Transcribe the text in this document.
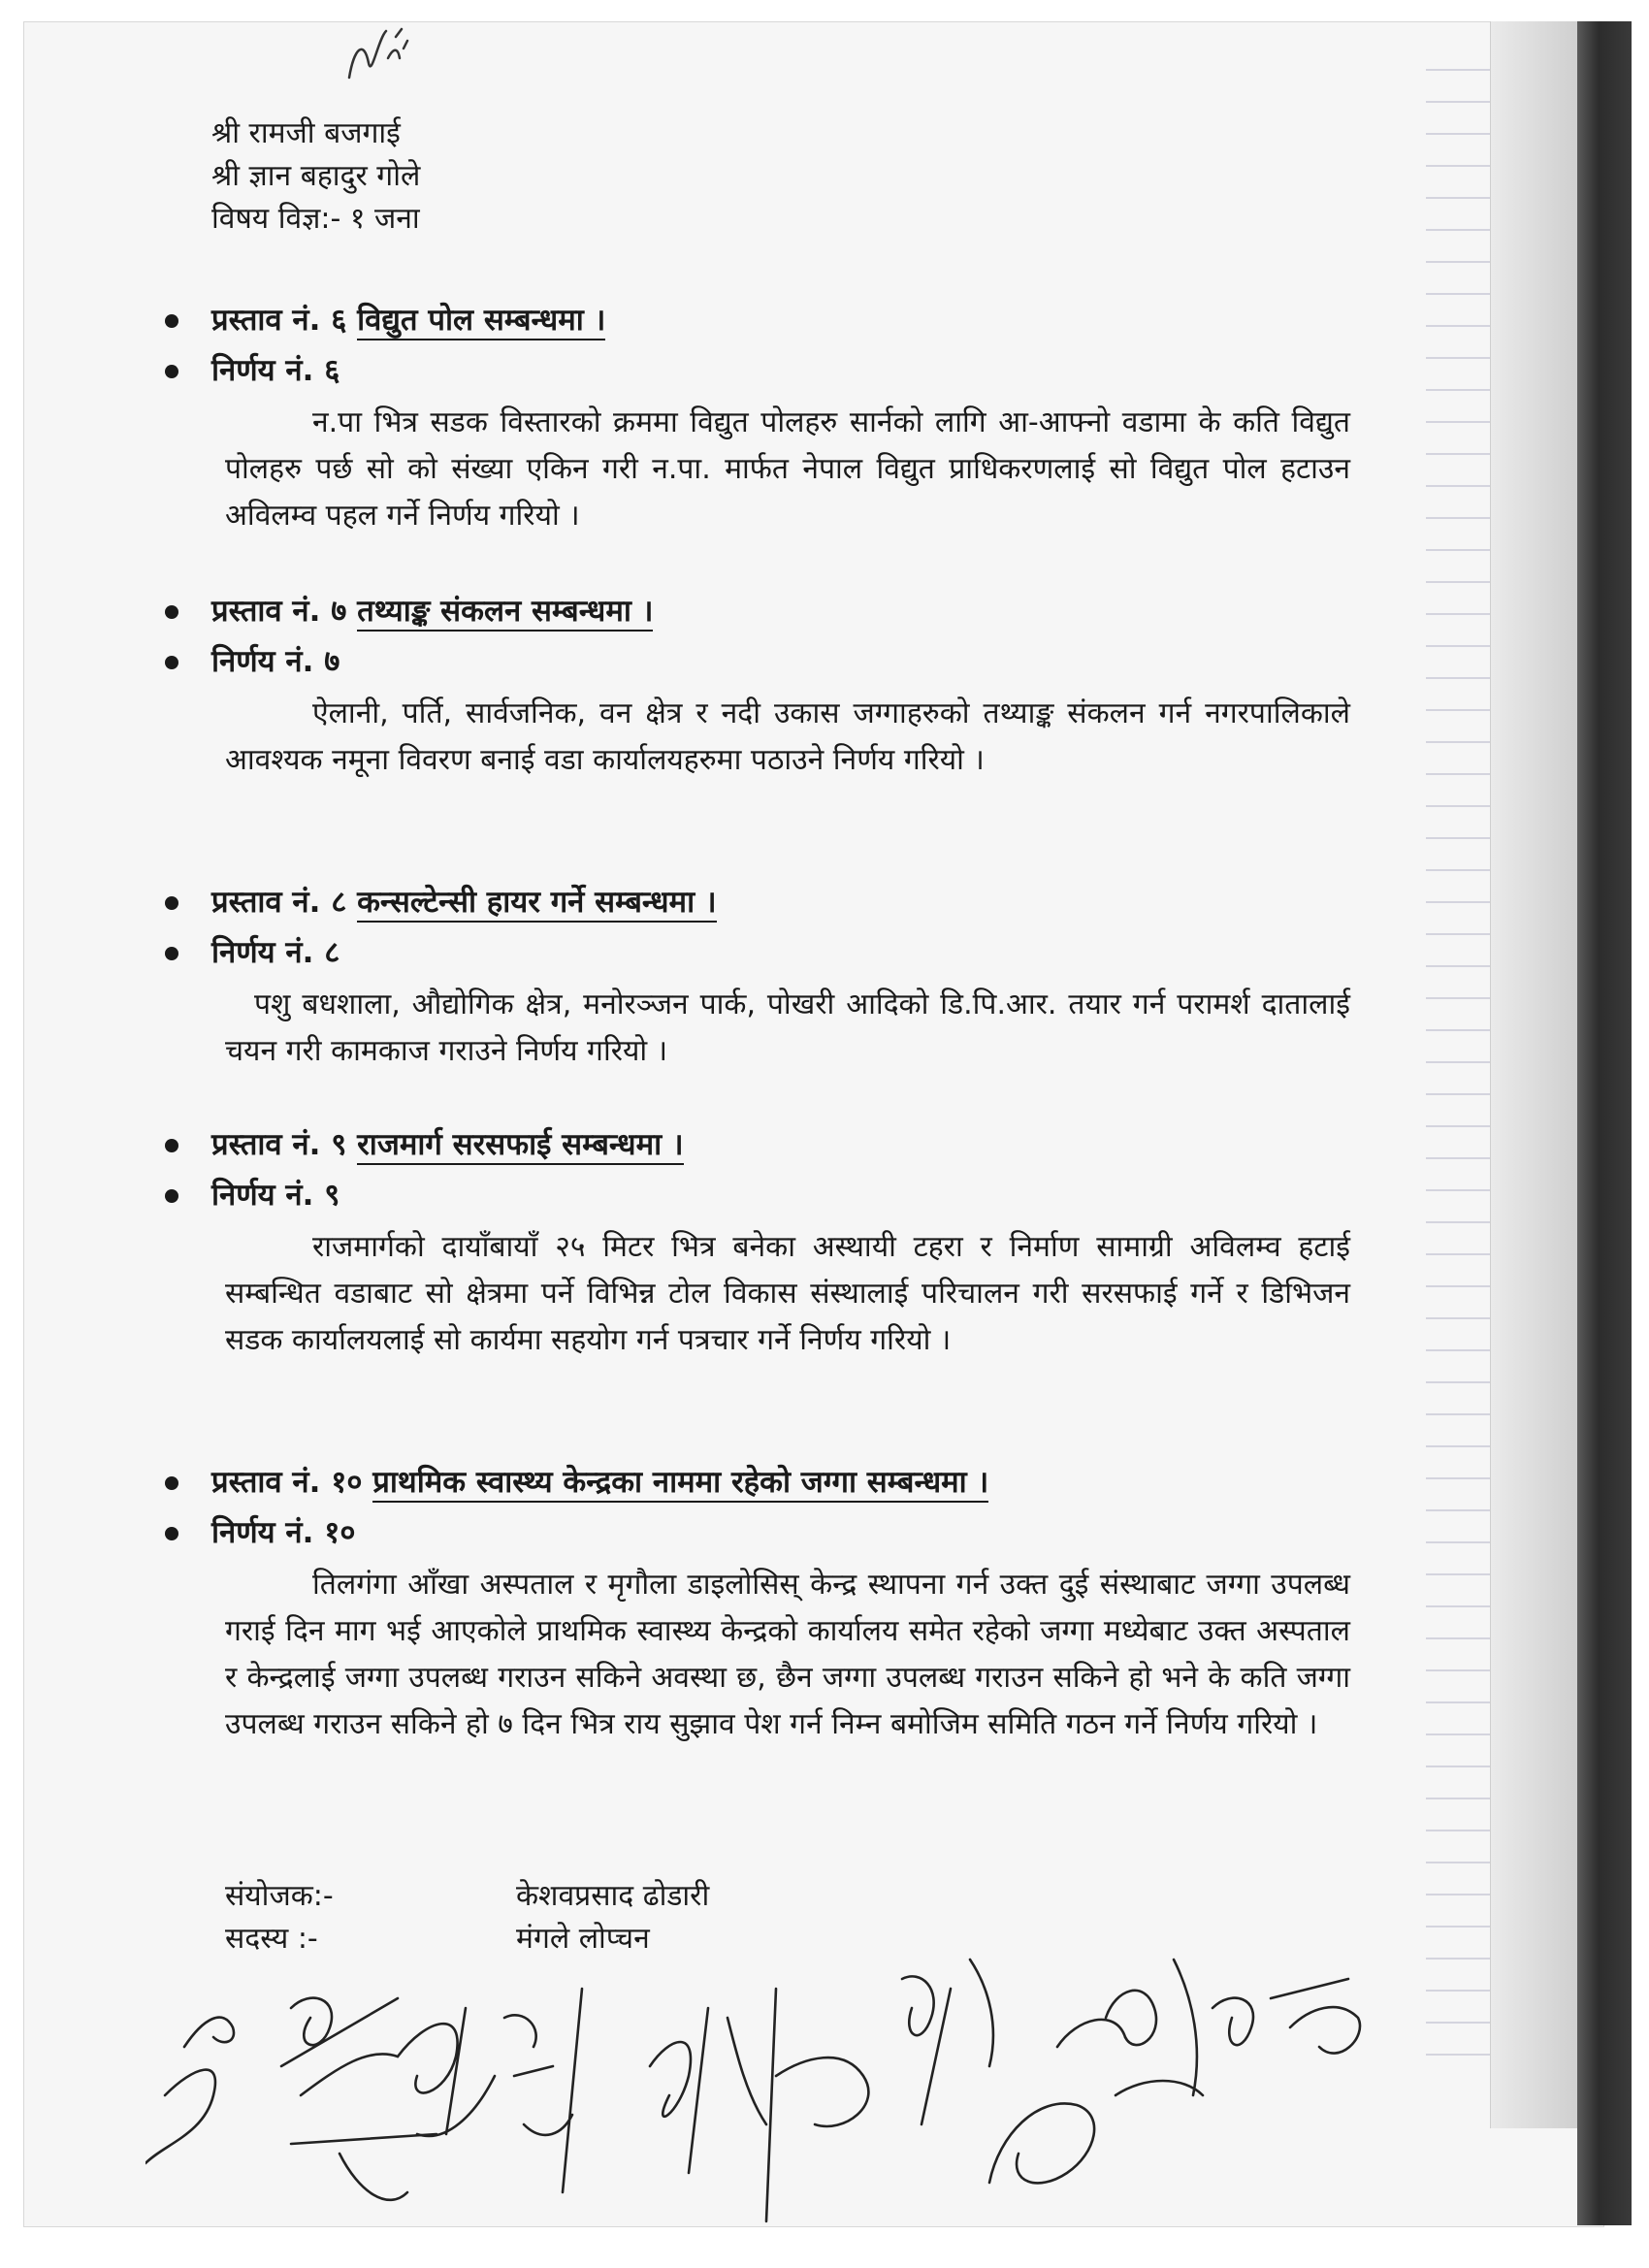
श्री रामजी बजगाई
श्री ज्ञान बहादुर गोले
विषय विज्ञ:- १ जना
प्रस्ताव नं. ६ विद्युत पोल सम्बन्धमा ।
निर्णय नं. ६
न.पा भित्र सडक विस्तारको क्रममा विद्युत पोलहरु सार्नको लागि आ-आफ्नो वडामा के कति विद्युत पोलहरु पर्छ सो को संख्या एकिन गरी न.पा. मार्फत नेपाल विद्युत प्राधिकरणलाई सो विद्युत पोल हटाउन अविलम्व पहल गर्ने निर्णय गरियो ।
प्रस्ताव नं. ७ तथ्याङ्क संकलन सम्बन्धमा ।
निर्णय नं. ७
ऐलानी, पर्ति, सार्वजनिक, वन क्षेत्र र नदी उकास जग्गाहरुको तथ्याङ्क संकलन गर्न नगरपालिकाले आवश्यक नमूना विवरण बनाई वडा कार्यालयहरुमा पठाउने निर्णय गरियो ।
प्रस्ताव नं. ८ कन्सल्टेन्सी हायर गर्ने सम्बन्धमा ।
निर्णय नं. ८
पशु बधशाला, औद्योगिक क्षेत्र, मनोरञ्जन पार्क, पोखरी आदिको डि.पि.आर. तयार गर्न परामर्श दातालाई चयन गरी कामकाज गराउने निर्णय गरियो ।
प्रस्ताव नं. ९ राजमार्ग सरसफाई सम्बन्धमा ।
निर्णय नं. ९
राजमार्गको दायाँबायाँ २५ मिटर भित्र बनेका अस्थायी टहरा र निर्माण सामाग्री अविलम्व हटाई सम्बन्धित वडाबाट सो क्षेत्रमा पर्ने विभिन्न टोल विकास संस्थालाई परिचालन गरी सरसफाई गर्ने र डिभिजन सडक कार्यालयलाई सो कार्यमा सहयोग गर्न पत्रचार गर्ने निर्णय गरियो ।
प्रस्ताव नं. १० प्राथमिक स्वास्थ्य केन्द्रका नाममा रहेको जग्गा सम्बन्धमा ।
निर्णय नं. १०
तिलगंगा आँखा अस्पताल र मृगौला डाइलोसिस् केन्द्र स्थापना गर्न उक्त दुई संस्थाबाट जग्गा उपलब्ध गराई दिन माग भई आएकोले प्राथमिक स्वास्थ्य केन्द्रको कार्यालय समेत रहेको जग्गा मध्येबाट उक्त अस्पताल र केन्द्रलाई जग्गा उपलब्ध गराउन सकिने अवस्था छ, छैन जग्गा उपलब्ध गराउन सकिने हो भने के कति जग्गा उपलब्ध गराउन सकिने हो ७ दिन भित्र राय सुझाव पेश गर्न निम्न बमोजिम समिति गठन गर्ने निर्णय गरियो ।
संयोजक:-	केशवप्रसाद ढोडारी
सदस्य :-	मंगले लोप्चन
